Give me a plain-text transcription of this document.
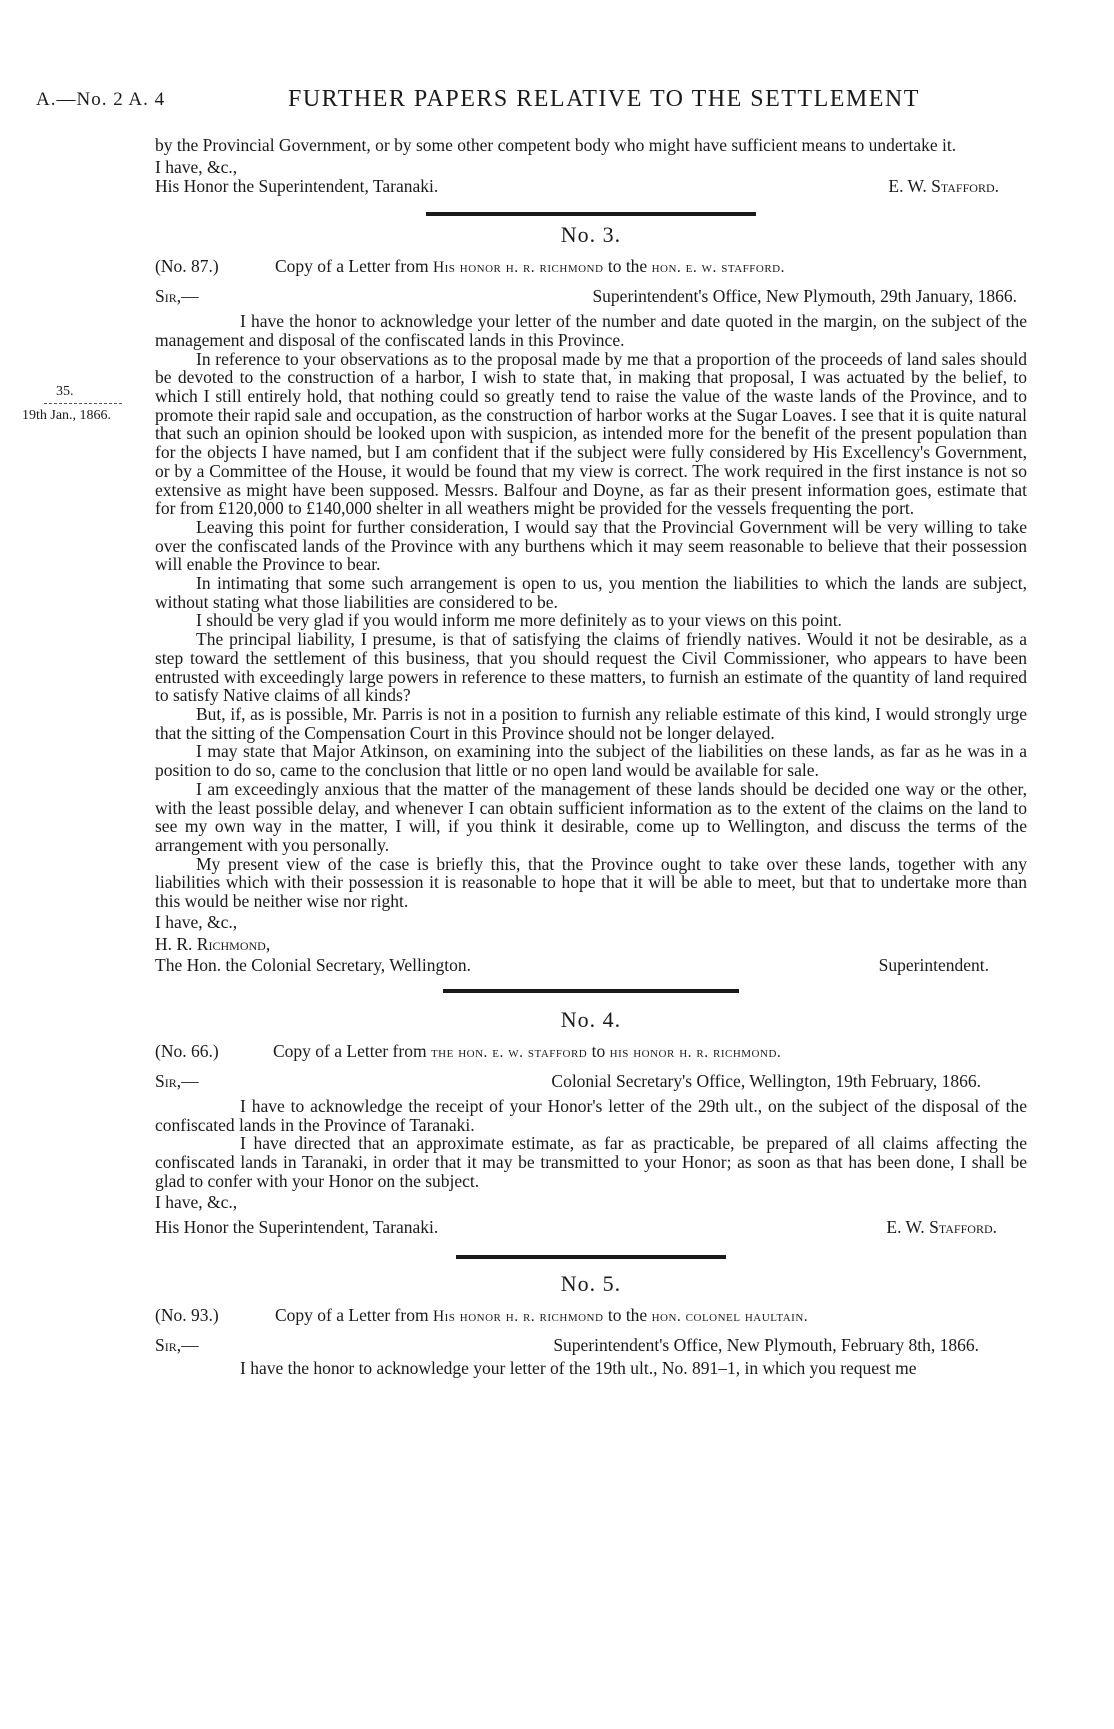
A.—No. 2 A. 4	FURTHER PAPERS RELATIVE TO THE SETTLEMENT
35.
19th Jan., 1866.

by the Provincial Government, or by some other competent body who might have sufficient means to undertake it.

I have, &c.,

His Honor the Superintendent, Taranaki.	E. W. Stafford.
No. 3.
(No. 87.)	Copy of a Letter from
His honor h. r. richmond
to the
hon. e. w. stafford.
Sir,—	Superintendent's Office, New Plymouth, 29th January, 1866.

I have the honor to acknowledge your letter of the number and date quoted in the margin, on the subject of the management and disposal of the confiscated lands in this Province.

In reference to your observations as to the proposal made by me that a proportion of the proceeds of land sales should be devoted to the construction of a harbor, I wish to state that, in making that proposal, I was actuated by the belief, to which I still entirely hold, that nothing could so greatly tend to raise the value of the waste lands of the Province, and to promote their rapid sale and occupation, as the construction of harbor works at the Sugar Loaves. I see that it is quite natural that such an opinion should be looked upon with suspicion, as intended more for the benefit of the present population than for the objects I have named, but I am confident that if the subject were fully considered by His Excellency's Government, or by a Committee of the House, it would be found that my view is correct. The work required in the first instance is not so extensive as might have been supposed. Messrs. Balfour and Doyne, as far as their present information goes, estimate that for from £120,000 to £140,000 shelter in all weathers might be provided for the vessels frequenting the port.

Leaving this point for further consideration, I would say that the Provincial Government will be very willing to take over the confiscated lands of the Province with any burthens which it may seem reasonable to believe that their possession will enable the Province to bear.

In intimating that some such arrangement is open to us, you mention the liabilities to which the lands are subject, without stating what those liabilities are considered to be.

I should be very glad if you would inform me more definitely as to your views on this point.

The principal liability, I presume, is that of satisfying the claims of friendly natives. Would it not be desirable, as a step toward the settlement of this business, that you should request the Civil Commissioner, who appears to have been entrusted with exceedingly large powers in reference to these matters, to furnish an estimate of the quantity of land required to satisfy Native claims of all kinds?

But, if, as is possible, Mr. Parris is not in a position to furnish any reliable estimate of this kind, I would strongly urge that the sitting of the Compensation Court in this Province should not be longer delayed.

I may state that Major Atkinson, on examining into the subject of the liabilities on these lands, as far as he was in a position to do so, came to the conclusion that little or no open land would be available for sale.

I am exceedingly anxious that the matter of the management of these lands should be decided one way or the other, with the least possible delay, and whenever I can obtain sufficient information as to the extent of the claims on the land to see my own way in the matter, I will, if you think it desirable, come up to Wellington, and discuss the terms of the arrangement with you personally.

My present view of the case is briefly this, that the Province ought to take over these lands, together with any liabilities which with their possession it is reasonable to hope that it will be able to meet, but that to undertake more than this would be neither wise nor right.

I have, &c.,

H. R. Richmond,

The Hon. the Colonial Secretary, Wellington.	Superintendent.
No. 4.
(No. 66.)	Copy of a Letter from
the hon. e. w. stafford
to
his honor h. r. richmond.
Sir,—	Colonial Secretary's Office, Wellington, 19th February, 1866.

I have to acknowledge the receipt of your Honor's letter of the 29th ult., on the subject of the disposal of the confiscated lands in the Province of Taranaki.

I have directed that an approximate estimate, as far as practicable, be prepared of all claims affecting the confiscated lands in Taranaki, in order that it may be transmitted to your Honor; as soon as that has been done, I shall be glad to confer with your Honor on the subject.

I have, &c.,

His Honor the Superintendent, Taranaki.	E. W. Stafford.
No. 5.
(No. 93.)	Copy of a Letter from
His honor h. r. richmond
to the
hon. colonel haultain.
Sir,—	Superintendent's Office, New Plymouth, February 8th, 1866.

I have the honor to acknowledge your letter of the 19th ult., No. 891–1, in which you request me
